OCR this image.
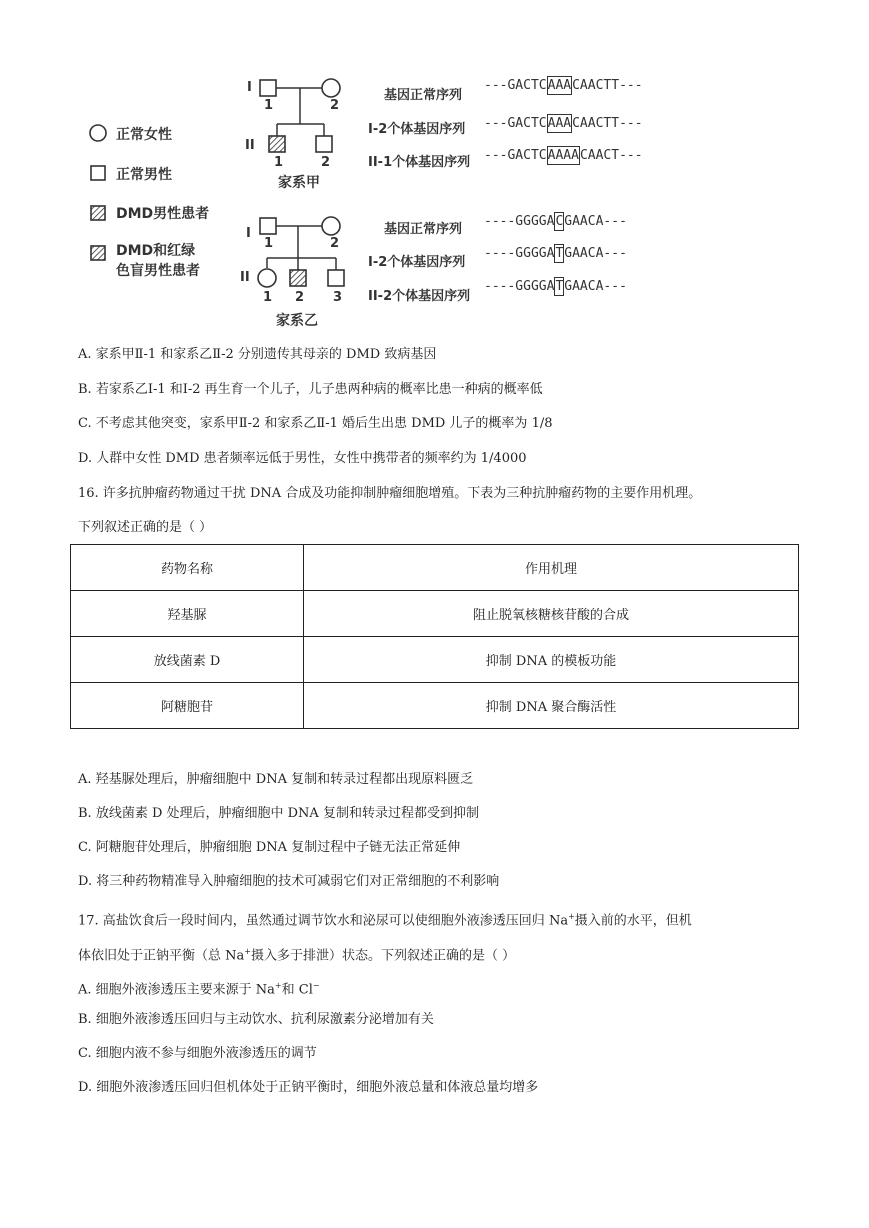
正常女性
正常男性
DMD男性患者
DMD和红绿
色盲男性患者
I
II
1	2
1	2
家系甲
基因正常序列
---GACTCAAACAACTT---
I-2个体基因序列 ---GACTCAAACAACTT---
II-1个体基因序列 ---GACTCAAAACAACT---
I
II
1	2
1 2 3
家系乙
基因正常序列
----GGGGACGAACA---
I-2个体基因序列
----GGGGATGAACA---
II-2个体基因序列
----GGGGATGAACA---
A. 家系甲Ⅱ-1 和家系乙Ⅱ-2 分别遗传其母亲的 DMD 致病基因
B. 若家系乙Ⅰ-1 和Ⅰ-2 再生育一个儿子，儿子患两种病的概率比患一种病的概率低
C. 不考虑其他突变，家系甲Ⅱ-2 和家系乙Ⅱ-1 婚后生出患 DMD 儿子的概率为 1/8
D. 人群中女性 DMD 患者频率远低于男性，女性中携带者的频率约为 1/4000
16. 许多抗肿瘤药物通过干扰 DNA 合成及功能抑制肿瘤细胞增殖。下表为三种抗肿瘤药物的主要作用机理。
下列叙述正确的是（ ）
药物名称	作用机理
羟基脲	阻止脱氧核糖核苷酸的合成
放线菌素 D	抑制 DNA 的模板功能
阿糖胞苷	抑制 DNA 聚合酶活性
A. 羟基脲处理后，肿瘤细胞中 DNA 复制和转录过程都出现原料匮乏
B. 放线菌素 D 处理后，肿瘤细胞中 DNA 复制和转录过程都受到抑制
C. 阿糖胞苷处理后，肿瘤细胞 DNA 复制过程中子链无法正常延伸
D. 将三种药物精准导入肿瘤细胞的技术可减弱它们对正常细胞的不利影响
17. 高盐饮食后一段时间内，虽然通过调节饮水和泌尿可以使细胞外液渗透压回归 Na+摄入前的水平，但机
体依旧处于正钠平衡（总 Na+摄入多于排泄）状态。下列叙述正确的是（ ）
A. 细胞外液渗透压主要来源于 Na+和 Cl−
B. 细胞外液渗透压回归与主动饮水、抗利尿激素分泌增加有关
C. 细胞内液不参与细胞外液渗透压的调节
D. 细胞外液渗透压回归但机体处于正钠平衡时，细胞外液总量和体液总量均增多
